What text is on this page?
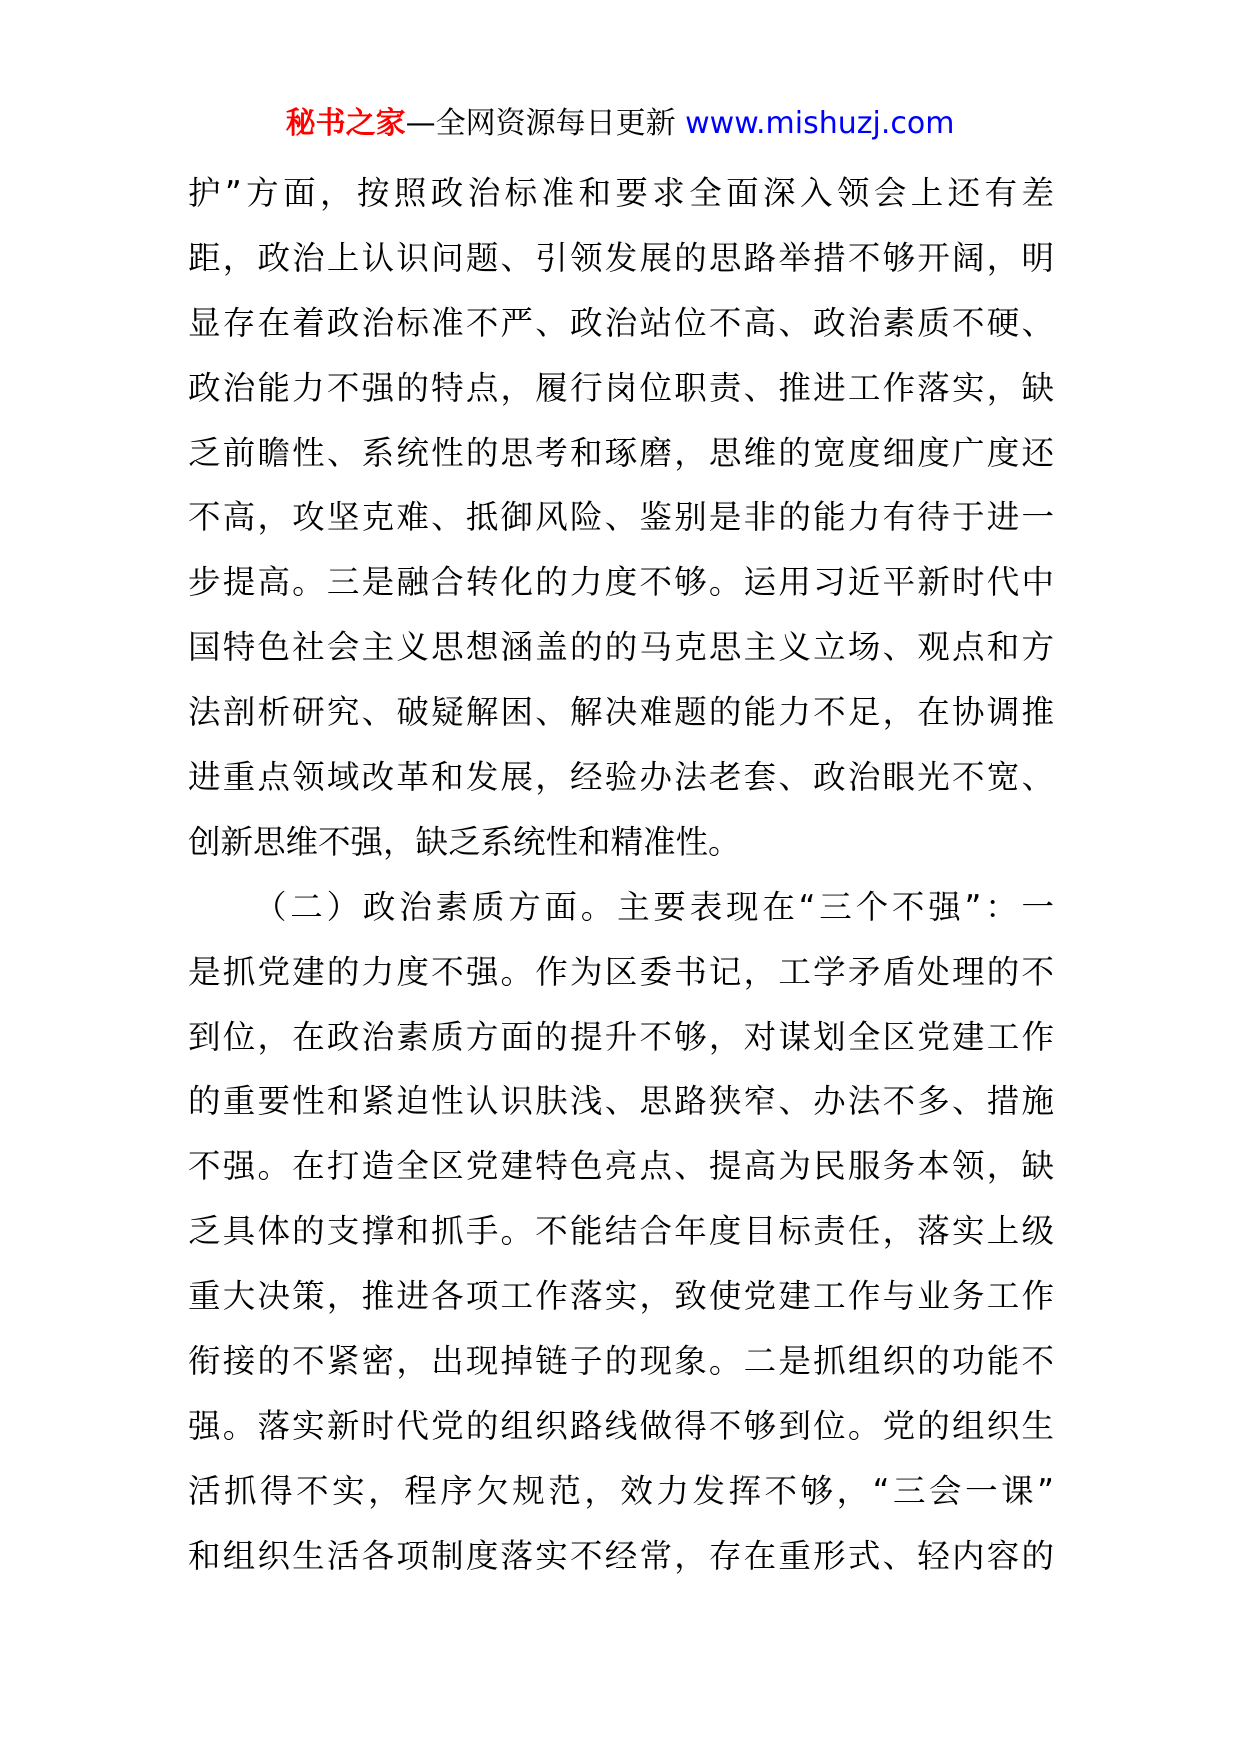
秘书之家—全网资源每日更新 www.mishuzj.com
护”方面，按照政治标准和要求全面深入领会上还有差
距，政治上认识问题、引领发展的思路举措不够开阔，明
显存在着政治标准不严、政治站位不高、政治素质不硬、
政治能力不强的特点，履行岗位职责、推进工作落实，缺
乏前瞻性、系统性的思考和琢磨，思维的宽度细度广度还
不高，攻坚克难、抵御风险、鉴别是非的能力有待于进一
步提高。三是融合转化的力度不够。运用习近平新时代中
国特色社会主义思想涵盖的的马克思主义立场、观点和方
法剖析研究、破疑解困、解决难题的能力不足，在协调推
进重点领域改革和发展，经验办法老套、政治眼光不宽、
创新思维不强，缺乏系统性和精准性。
（二）政治素质方面。主要表现在“三个不强”：一
是抓党建的力度不强。作为区委书记，工学矛盾处理的不
到位，在政治素质方面的提升不够，对谋划全区党建工作
的重要性和紧迫性认识肤浅、思路狭窄、办法不多、措施
不强。在打造全区党建特色亮点、提高为民服务本领，缺
乏具体的支撑和抓手。不能结合年度目标责任，落实上级
重大决策，推进各项工作落实，致使党建工作与业务工作
衔接的不紧密，出现掉链子的现象。二是抓组织的功能不
强。落实新时代党的组织路线做得不够到位。党的组织生
活抓得不实，程序欠规范，效力发挥不够，“三会一课”
和组织生活各项制度落实不经常，存在重形式、轻内容的
